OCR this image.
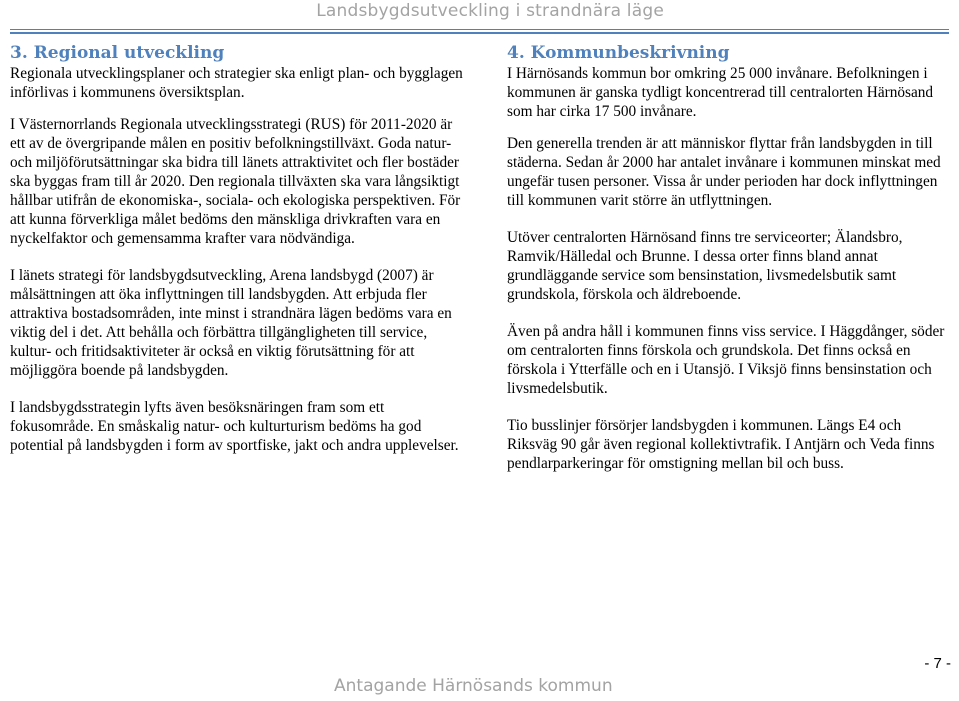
Landsbygdsutveckling i strandnära läge
3. Regional utveckling

Regionala utvecklingsplaner och strategier ska enligt plan- och bygglagen införlivas i kommunens översiktsplan.

I Västernorrlands Regionala utvecklingsstrategi (RUS) för 2011-2020 är ett av de övergripande målen en positiv befolkningstillväxt. Goda natur-och miljöförutsättningar ska bidra till länets attraktivitet och fler bostäder ska byggas fram till år 2020. Den regionala tillväxten ska vara långsiktigt hållbar utifrån de ekonomiska-, sociala- och ekologiska perspektiven. För att kunna förverkliga målet bedöms den mänskliga drivkraften vara en nyckelfaktor och gemensamma krafter vara nödvändiga.

I länets strategi för landsbygdsutveckling, Arena landsbygd (2007) är målsättningen att öka inflyttningen till landsbygden. Att erbjuda fler attraktiva bostadsområden, inte minst i strandnära lägen bedöms vara en viktig del i det. Att behålla och förbättra tillgängligheten till service, kultur- och fritidsaktiviteter är också en viktig förutsättning för att möjliggöra boende på landsbygden.

I landsbygdsstrategin lyfts även besöksnäringen fram som ett fokusområde. En småskalig natur- och kulturturism bedöms ha god potential på landsbygden i form av sportfiske, jakt och andra upplevelser.

4. Kommunbeskrivning

I Härnösands kommun bor omkring 25 000 invånare. Befolkningen i kommunen är ganska tydligt koncentrerad till centralorten Härnösand som har cirka 17 500 invånare.

Den generella trenden är att människor flyttar från landsbygden in till städerna. Sedan år 2000 har antalet invånare i kommunen minskat med ungefär tusen personer. Vissa år under perioden har dock inflyttningen till kommunen varit större än utflyttningen.

Utöver centralorten Härnösand finns tre serviceorter; Älandsbro, Ramvik/Hälledal och Brunne. I dessa orter finns bland annat grundläggande service som bensinstation, livsmedelsbutik samt grundskola, förskola och äldreboende.

Även på andra håll i kommunen finns viss service. I Häggdånger, söder om centralorten finns förskola och grundskola. Det finns också en förskola i Ytterfälle och en i Utansjö. I Viksjö finns bensinstation och livsmedelsbutik.

Tio busslinjer försörjer landsbygden i kommunen. Längs E4 och Riksväg 90 går även regional kollektivtrafik. I Antjärn och Veda finns pendlarparkeringar för omstigning mellan bil och buss.

- 7 -
Antagande Härnösands kommun
